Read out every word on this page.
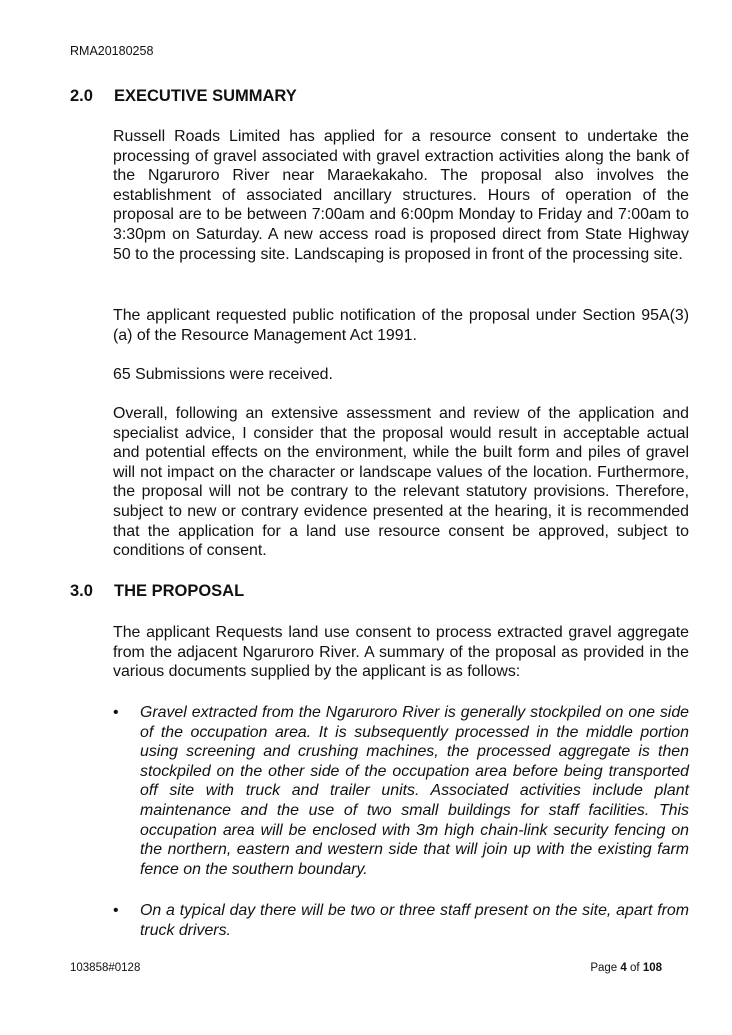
RMA20180258
2.0 EXECUTIVE SUMMARY

Russell Roads Limited has applied for a resource consent to undertake the processing of gravel associated with gravel extraction activities along the bank of the Ngaruroro River near Maraekakaho. The proposal also involves the establishment of associated ancillary structures. Hours of operation of the proposal are to be between 7:00am and 6:00pm Monday to Friday and 7:00am to 3:30pm on Saturday. A new access road is proposed direct from State Highway 50 to the processing site. Landscaping is proposed in front of the processing site.

The applicant requested public notification of the proposal under Section 95A(3)(a) of the Resource Management Act 1991.

65 Submissions were received.

Overall, following an extensive assessment and review of the application and specialist advice, I consider that the proposal would result in acceptable actual and potential effects on the environment, while the built form and piles of gravel will not impact on the character or landscape values of the location. Furthermore, the proposal will not be contrary to the relevant statutory provisions. Therefore, subject to new or contrary evidence presented at the hearing, it is recommended that the application for a land use resource consent be approved, subject to conditions of consent.

3.0 THE PROPOSAL

The applicant Requests land use consent to process extracted gravel aggregate from the adjacent Ngaruroro River. A summary of the proposal as provided in the various documents supplied by the applicant is as follows:

• Gravel extracted from the Ngaruroro River is generally stockpiled on one side of the occupation area. It is subsequently processed in the middle portion using screening and crushing machines, the processed aggregate is then stockpiled on the other side of the occupation area before being transported off site with truck and trailer units. Associated activities include plant maintenance and the use of two small buildings for staff facilities. This occupation area will be enclosed with 3m high chain-link security fencing on the northern, eastern and western side that will join up with the existing farm fence on the southern boundary.

• On a typical day there will be two or three staff present on the site, apart from truck drivers.

103858#0128	Page 4 of 108
